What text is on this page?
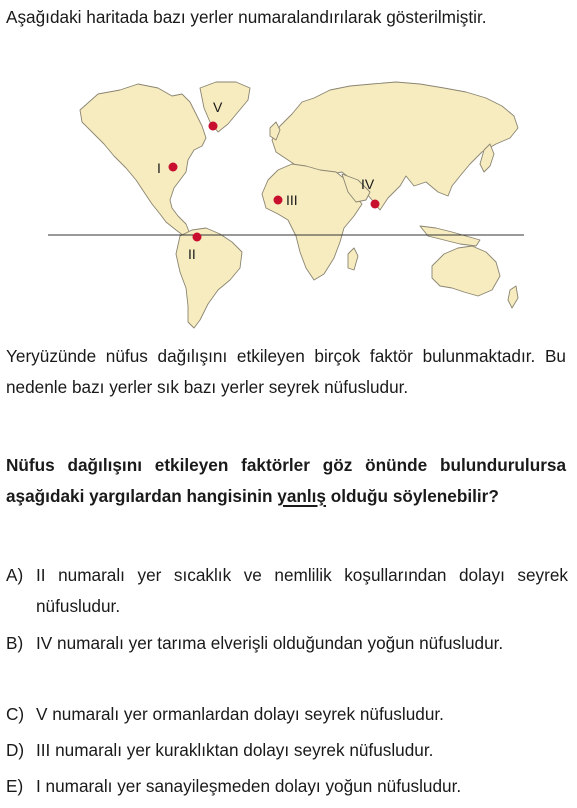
Aşağıdaki haritada bazı yerler numaralandırılarak gösterilmiştir.
I
II
III
IV
V
Yeryüzünde nüfus dağılışını etkileyen birçok faktör bulunmaktadır. Bu nedenle bazı yerler sık bazı yerler seyrek nüfusludur.
Nüfus dağılışını etkileyen faktörler göz önünde bulundurulursa aşağıdaki yargılardan hangisinin yanlış olduğu söylenebilir?
A) II numaralı yer sıcaklık ve nemlilik koşullarından dolayı seyrek nüfusludur.
B) IV numaralı yer tarıma elverişli olduğundan yoğun nüfusludur.
C) V numaralı yer ormanlardan dolayı seyrek nüfusludur.
D) III numaralı yer kuraklıktan dolayı seyrek nüfusludur.
E) I numaralı yer sanayileşmeden dolayı yoğun nüfusludur.
